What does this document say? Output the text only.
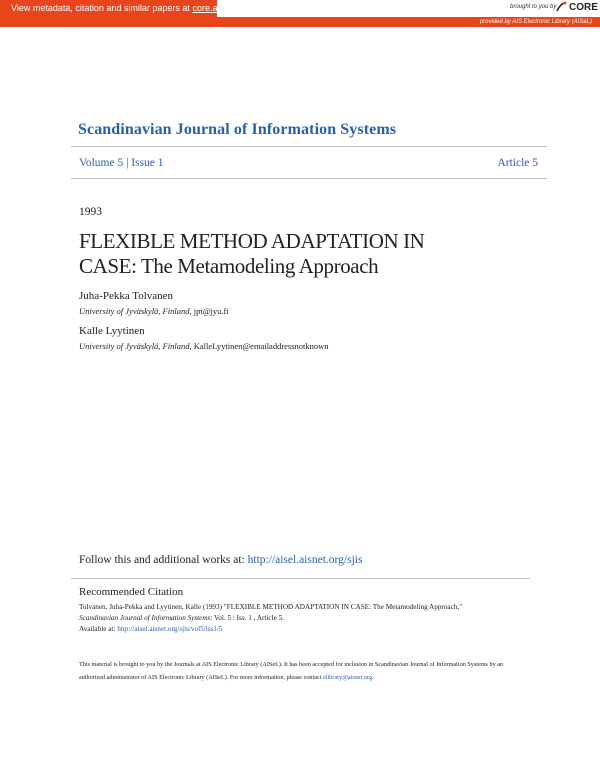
View metadata, citation and similar papers at core.ac.uk	brought to you by CORE
provided by AIS Electronic Library (AISeL)
Scandinavian Journal of Information Systems
Volume 5 | Issue 1	Article 5
1993
FLEXIBLE METHOD ADAPTATION IN
CASE: The Metamodeling Approach
Juha-Pekka Tolvanen
University of Jyväskylä, Finland, jpt@jyu.fi
Kalle Lyytinen
University of Jyväskylä, Finland, KalleLyytinen@emailaddressnotknown
Follow this and additional works at: http://aisel.aisnet.org/sjis
Recommended Citation
Tolvanen, Juha-Pekka and Lyytinen, Kalle (1993) "FLEXIBLE METHOD ADAPTATION IN CASE: The Metamodeling Approach,"
Scandinavian Journal of Information Systems: Vol. 5 : Iss. 1 , Article 5.
Available at: http://aisel.aisnet.org/sjis/vol5/iss1/5
This material is brought to you by the Journals at AIS Electronic Library (AISeL). It has been accepted for inclusion in Scandinavian Journal of Information Systems by an authorized administrator of AIS Electronic Library (AISeL). For more information, please contact elibrary@aisnet.org.
